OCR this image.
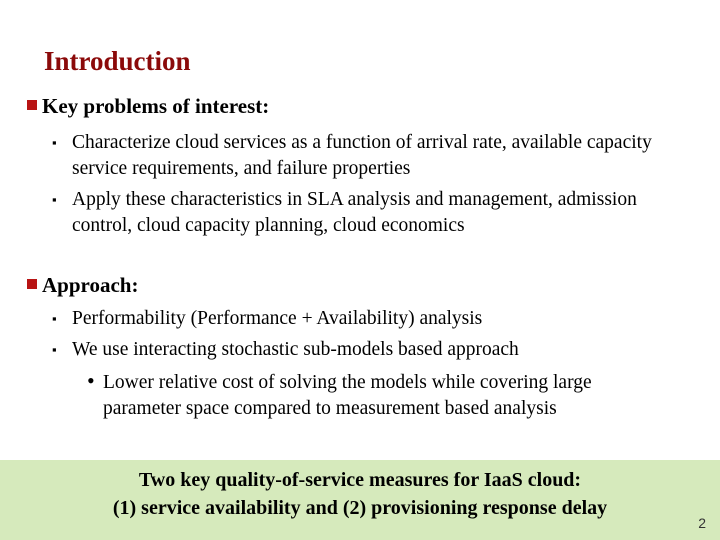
Introduction
Key problems of interest:
▪ Characterize cloud services as a function of arrival rate, available capacity
service requirements, and failure properties
▪ Apply these characteristics in SLA analysis and management, admission
control, cloud capacity planning, cloud economics
Approach:
▪ Performability (Performance + Availability) analysis
▪ We use interacting stochastic sub-models based approach
• Lower relative cost of solving the models while covering large
parameter space compared to measurement based analysis
Two key quality-of-service measures for IaaS cloud:
(1) service availability and (2) provisioning response delay
2
